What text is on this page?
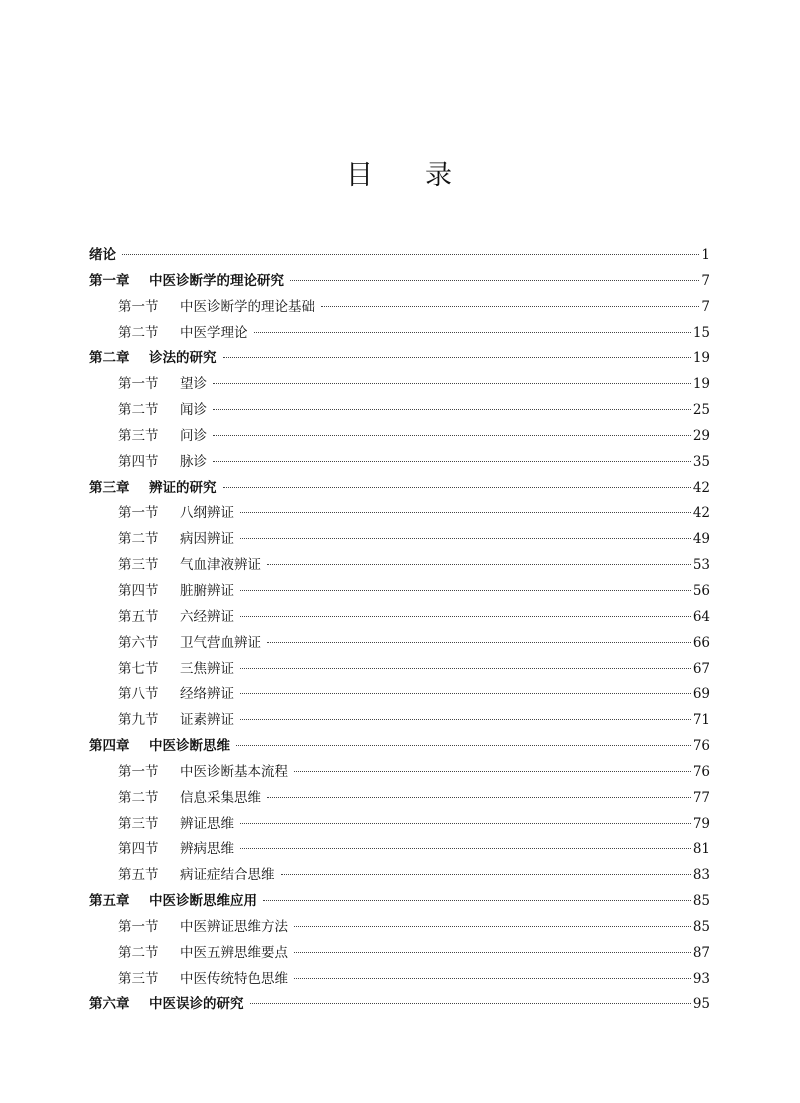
目 录
绪论	1
第一章	中医诊断学的理论研究	7
第一节	中医诊断学的理论基础	7
第二节	中医学理论	15
第二章	诊法的研究	19
第一节	望诊	19
第二节	闻诊	25
第三节	问诊	29
第四节	脉诊	35
第三章	辨证的研究	42
第一节	八纲辨证	42
第二节	病因辨证	49
第三节	气血津液辨证	53
第四节	脏腑辨证	56
第五节	六经辨证	64
第六节	卫气营血辨证	66
第七节	三焦辨证	67
第八节	经络辨证	69
第九节	证素辨证	71
第四章	中医诊断思维	76
第一节	中医诊断基本流程	76
第二节	信息采集思维	77
第三节	辨证思维	79
第四节	辨病思维	81
第五节	病证症结合思维	83
第五章	中医诊断思维应用	85
第一节	中医辨证思维方法	85
第二节	中医五辨思维要点	87
第三节	中医传统特色思维	93
第六章	中医误诊的研究	95
